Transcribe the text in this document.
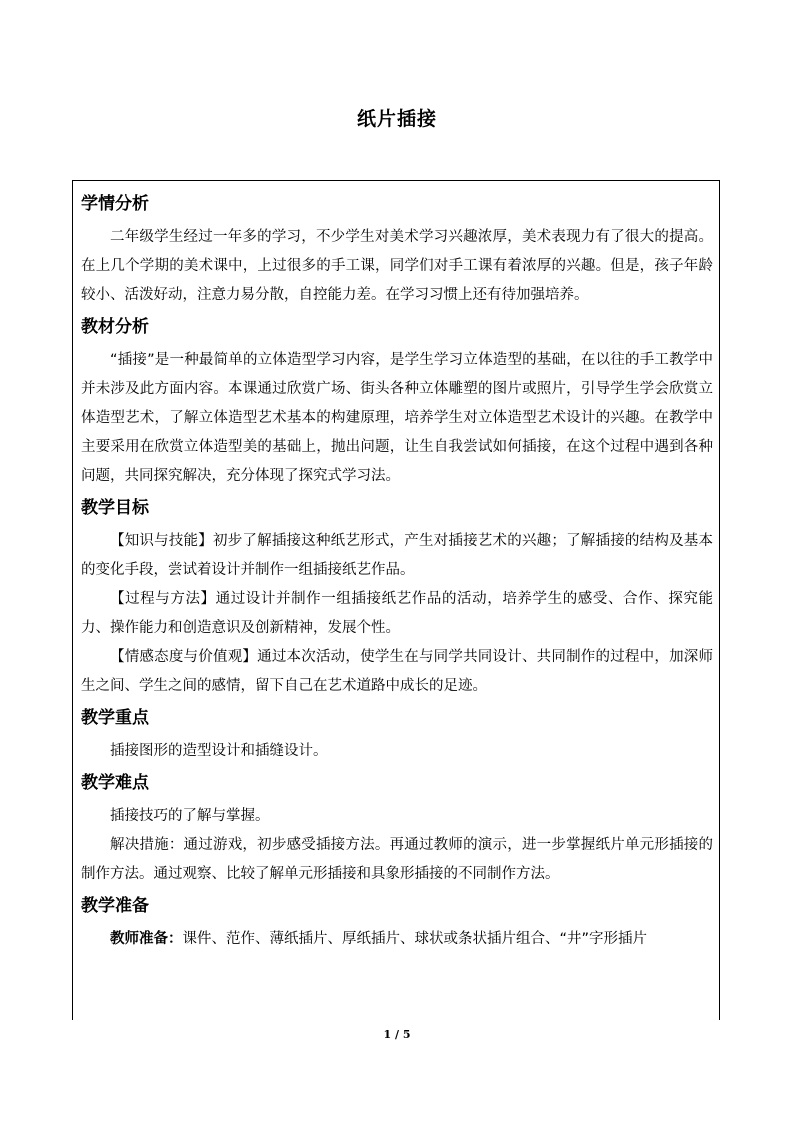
纸片插接
学情分析

二年级学生经过一年多的学习，不少学生对美术学习兴趣浓厚，美术表现力有了很大的提高。在上几个学期的美术课中，上过很多的手工课，同学们对手工课有着浓厚的兴趣。但是，孩子年龄较小、活泼好动，注意力易分散，自控能力差。在学习习惯上还有待加强培养。

教材分析

“插接”是一种最简单的立体造型学习内容，是学生学习立体造型的基础，在以往的手工教学中并未涉及此方面内容。本课通过欣赏广场、街头各种立体雕塑的图片或照片，引导学生学会欣赏立体造型艺术，了解立体造型艺术基本的构建原理，培养学生对立体造型艺术设计的兴趣。在教学中主要采用在欣赏立体造型美的基础上，抛出问题，让生自我尝试如何插接，在这个过程中遇到各种问题，共同探究解决，充分体现了探究式学习法。

教学目标

【知识与技能】初步了解插接这种纸艺形式，产生对插接艺术的兴趣；了解插接的结构及基本的变化手段，尝试着设计并制作一组插接纸艺作品。

【过程与方法】通过设计并制作一组插接纸艺作品的活动，培养学生的感受、合作、探究能力、操作能力和创造意识及创新精神，发展个性。

【情感态度与价值观】通过本次活动，使学生在与同学共同设计、共同制作的过程中，加深师生之间、学生之间的感情，留下自己在艺术道路中成长的足迹。

教学重点

插接图形的造型设计和插缝设计。

教学难点

插接技巧的了解与掌握。

解决措施：通过游戏，初步感受插接方法。再通过教师的演示，进一步掌握纸片单元形插接的制作方法。通过观察、比较了解单元形插接和具象形插接的不同制作方法。

教学准备

教师准备：课件、范作、薄纸插片、厚纸插片、球状或条状插片组合、“井”字形插片

1 / 5
